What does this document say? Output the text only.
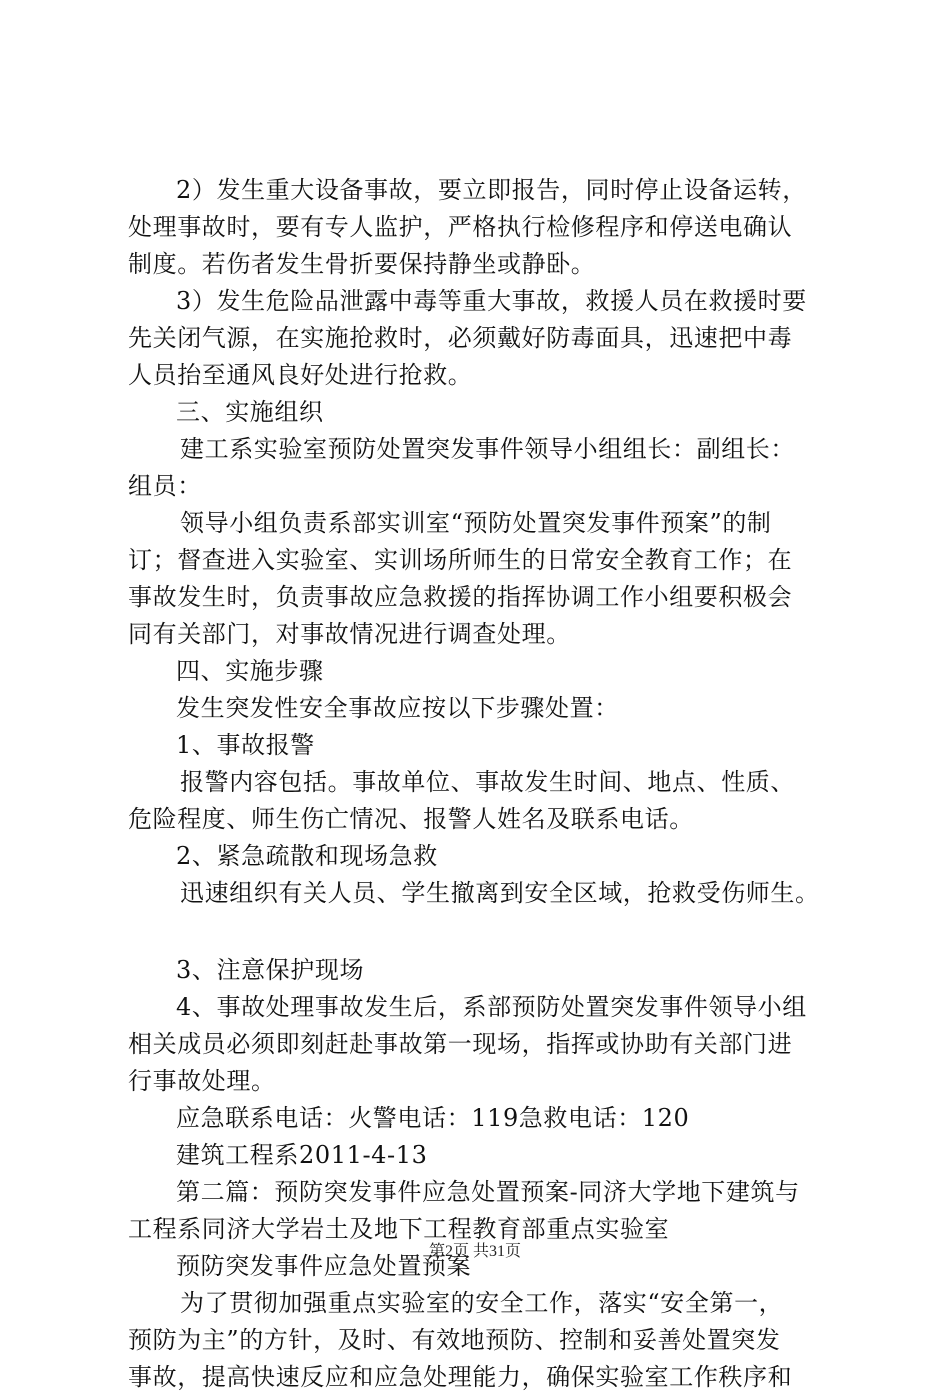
2）发生重大设备事故，要立即报告，同时停止设备运转，
处理事故时，要有专人监护，严格执行检修程序和停送电确认
制度。若伤者发生骨折要保持静坐或静卧。
3）发生危险品泄露中毒等重大事故，救援人员在救援时要
先关闭气源，在实施抢救时，必须戴好防毒面具，迅速把中毒
人员抬至通风良好处进行抢救。
三、实施组织
建工系实验室预防处置突发事件领导小组组长：副组长：
组员：
领导小组负责系部实训室“预防处置突发事件预案”的制
订；督查进入实验室、实训场所师生的日常安全教育工作；在
事故发生时，负责事故应急救援的指挥协调工作小组要积极会
同有关部门，对事故情况进行调查处理。
四、实施步骤
发生突发性安全事故应按以下步骤处置：
1、事故报警
报警内容包括。事故单位、事故发生时间、地点、性质、
危险程度、师生伤亡情况、报警人姓名及联系电话。
2、紧急疏散和现场急救
迅速组织有关人员、学生撤离到安全区域，抢救受伤师生。
3、注意保护现场
4、事故处理事故发生后，系部预防处置突发事件领导小组
相关成员必须即刻赶赴事故第一现场，指挥或协助有关部门进
行事故处理。
应急联系电话：火警电话：119急救电话：120
建筑工程系2011-4-13
第二篇：预防突发事件应急处置预案-同济大学地下建筑与
工程系同济大学岩土及地下工程教育部重点实验室
预防突发事件应急处置预案
为了贯彻加强重点实验室的安全工作，落实“安全第一，
预防为主”的方针，及时、有效地预防、控制和妥善处置突发
事故，提高快速反应和应急处理能力，确保实验室工作秩序和
第2页 共31页
